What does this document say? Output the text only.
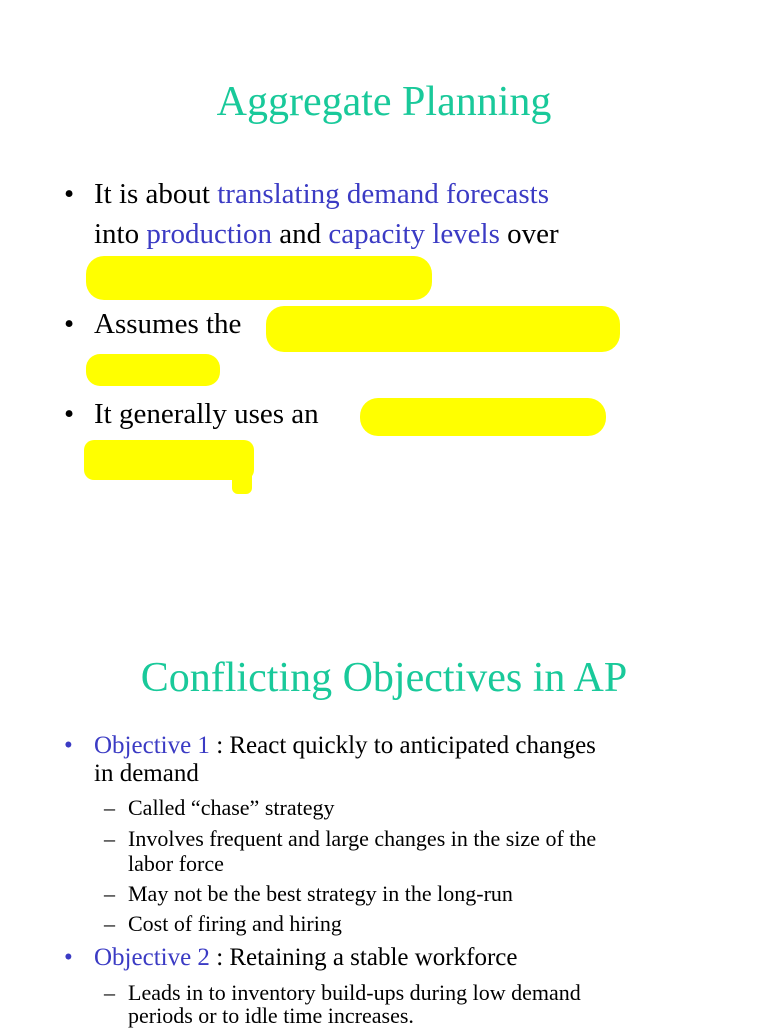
Aggregate Planning
• It is about translating demand forecasts
into production and capacity levels over
• Assumes the
• It generally uses an
Conflicting Objectives in AP
• Objective 1 : React quickly to anticipated changes
in demand
– Called “chase” strategy
– Involves frequent and large changes in the size of the
labor force
– May not be the best strategy in the long-run
– Cost of firing and hiring
• Objective 2 : Retaining a stable workforce
– Leads in to inventory build-ups during low demand
periods or to idle time increases.
